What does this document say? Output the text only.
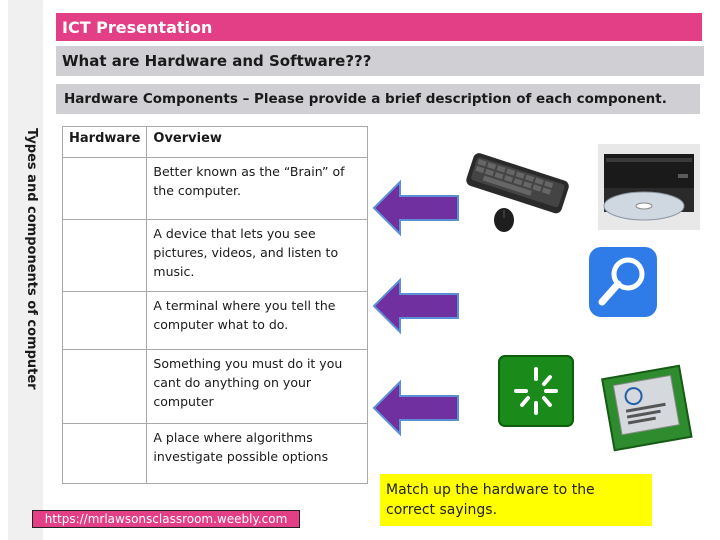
ICT Presentation
What are Hardware and Software???
Hardware Components – Please provide a brief description of each component.
Types and components of computer Hardware	Overview
	Better known as the “Brain” of the computer.
	A device that lets you see pictures, videos, and listen to music.
	A terminal where you tell the computer what to do.
	Something you must do it you cant do anything on your computer
	A place where algorithms investigate possible options
https://mrlawsonsclassroom.weebly.com
Match up the hardware to the correct sayings.
